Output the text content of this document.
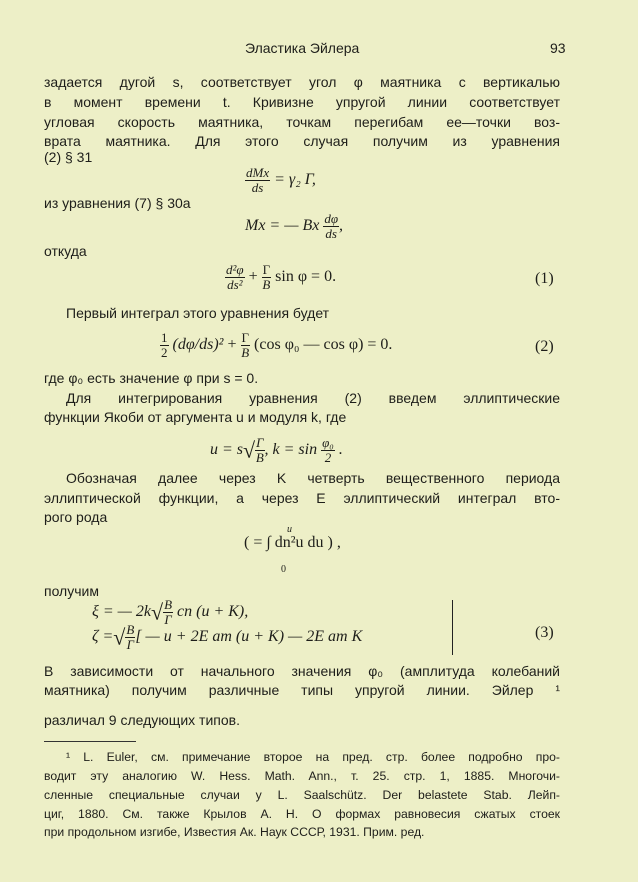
Эластика Эйлера	93
задается дугой s, соответствует угол φ маятника с вертикалью
в момент времени t. Кривизне упругой линии соответствует
угловая скорость маятника, точкам перегибам ее—точки воз-
врата маятника. Для этого случая получим из уравнения
(2) § 31
$\frac{\text{dMx}}{ds} = \gamma_2$ Γ,
из уравнения (7) § 30а
Mx = — Bx $\frac{d\varphi}{ds}$ ,
откуда
$\frac{\text{d²φ}}{\text{ds²}} + \frac{\Gamma}{B}$ sin φ = 0.	(1)
Первый интеграл этого уравнения будет
$\frac{1}{2} (d\varphi/ds)^2 + \frac{\Gamma}{B} (\cos$ φ₀ — cos φ) = 0.	(2)
где φ₀ есть значение φ при s = 0.
Для интегрирования уравнения (2) введем эллиптические
функции Якоби от аргумента u и модуля k, где
$u = s√ \frac{\Gamma}{B}$ , $k = \sin \frac{\text{φ₀}}{2}$ .
Обозначая далее через K четверть вещественного периода
эллиптической функции, а через E эллиптический интеграл вто-
рого рода
u
( = ∫ dn²u du ) ,
0
получим
ξ = — $2k√ \frac{B}{\Gamma}$ cn (u + K),
ζ =√ $\frac{B}{\Gamma}$ [ — u + 2E am (u + K) — 2E am K	(3)
В зависимости от начального значения φ₀ (амплитуда колебаний
маятника) получим различные типы упругой линии. Эйлер ¹
различал 9 следующих типов.
¹ L. Euler, см. примечание второе на пред. стр. более подробно про-
водит эту аналогию W. Hess. Math. Ann., т. 25. стр. 1, 1885. Многочи-
сленные специальные случаи у L. Saalschütz. Der belastete Stab. Лейп-
циг, 1880. См. также Крылов А. Н. О формах равновесия сжатых стоек
при продольном изгибе, Известия Ак. Наук СССР, 1931. Прим. ред.
